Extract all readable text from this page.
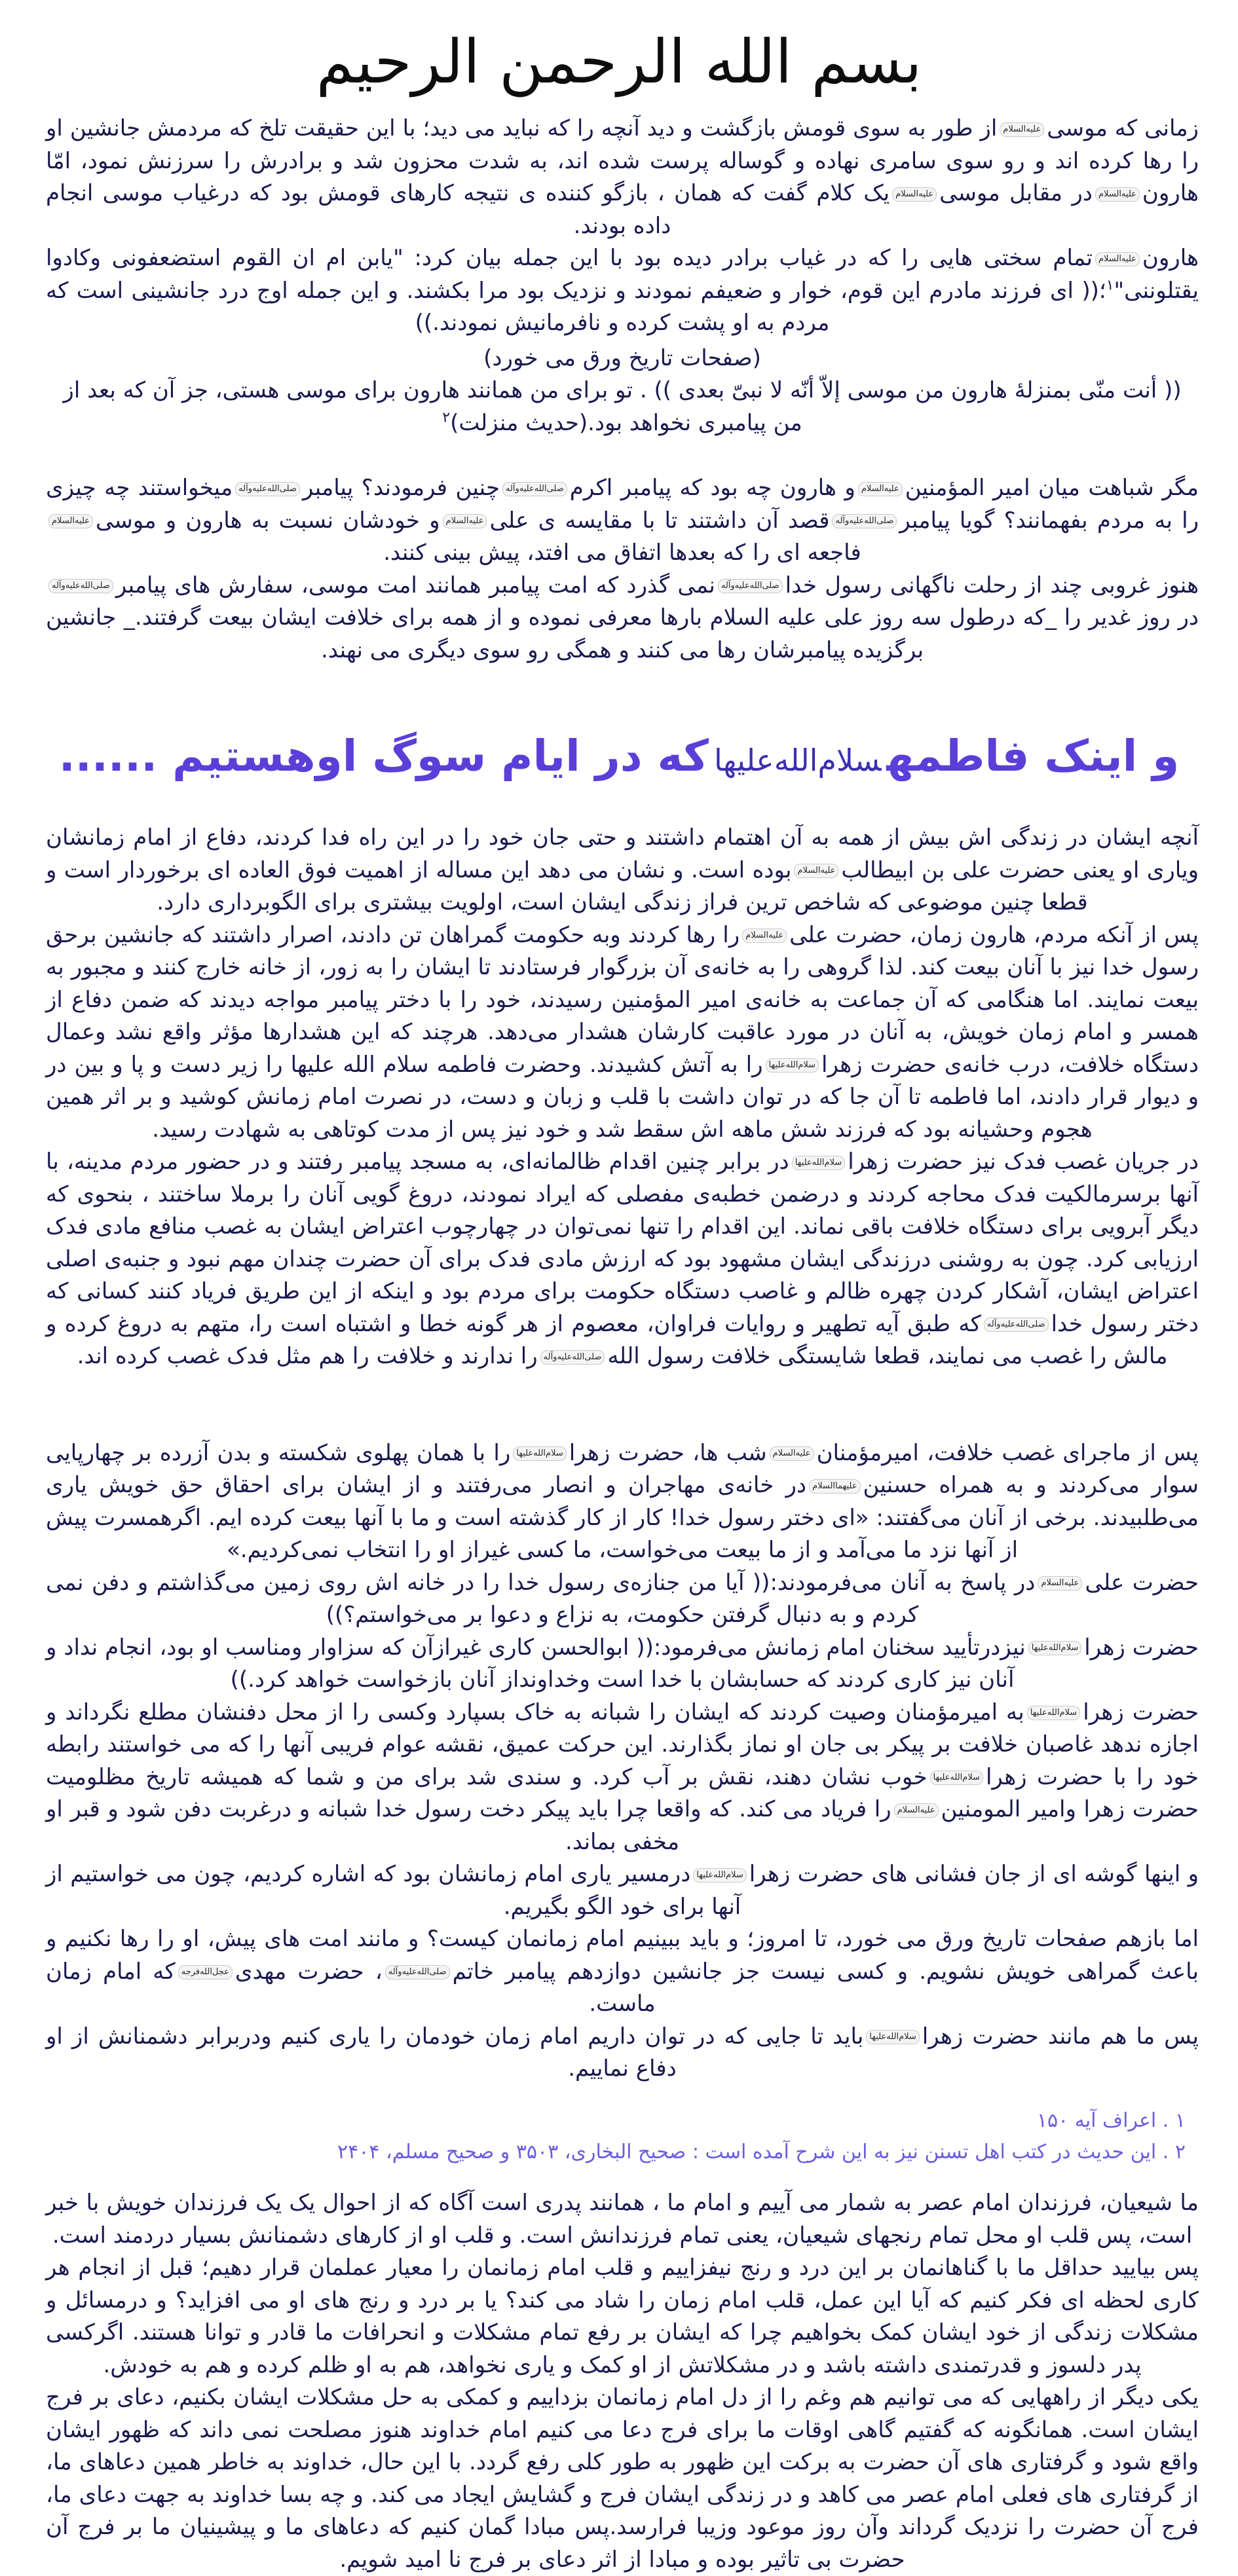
بسم الله الرحمن الرحیم

زمانی که موسیعلیه‌السلاماز طور به سوی قومش بازگشت و دید آنچه را که نباید می دید؛ با این حقیقت تلخ که مردمش جانشین او را رها کرده اند و رو سوی سامری نهاده و گوساله پرست شده اند، به شدت محزون شد و برادرش را سرزنش نمود، امّا هارونعلیه‌السلامدر مقابل موسیعلیه‌السلامیک کلام گفت که همان ، بازگو کننده ی نتیجه کارهای قومش بود که درغیاب موسی انجام داده بودند.

هارونعلیه‌السلامتمام سختی هایی را که در غیاب برادر دیده بود با این جمله بیان کرد: "یابن ام ان القوم استضعفونی وکادوا یقتلوننی"$^۱$؛(( ای فرزند مادرم این قوم، خوار و ضعیفم نمودند و نزدیک بود مرا بکشند. و این جمله اوج درد جانشینی است که مردم به او پشت کرده و نافرمانیش نمودند.))

(صفحات تاریخ ورق می خورد)

(( أنت منّی بمنزلهٔ هارون من موسی إلاّ أنّه لا نبیّ بعدی )) . تو برای من همانند هارون برای موسی هستی، جز آن که بعد از من پیامبری نخواهد بود.(حدیث منزلت)$^۲$

مگر شباهت میان امیر المؤمنینعلیه‌السلامو هارون چه بود که پیامبر اکرمصلی‌الله‌علیه‌وآلهچنین فرمودند؟ پیامبرصلی‌الله‌علیه‌وآلهمیخواستند چه چیزی را به مردم بفهمانند؟ گویا پیامبرصلی‌الله‌علیه‌وآلهقصد آن داشتند تا با مقایسه ی علیعلیه‌السلامو خودشان نسبت به هارون و موسیعلیه‌السلامفاجعه ای را که بعدها اتفاق می افتد، پیش بینی کنند.

هنوز غروبی چند از رحلت ناگهانی رسول خداصلی‌الله‌علیه‌وآلهنمی گذرد که امت پیامبر همانند امت موسی، سفارش های پیامبرصلی‌الله‌علیه‌وآلهدر روز غدیر را _که درطول سه روز علی علیه السلام بارها معرفی نموده و از همه برای خلافت ایشان بیعت گرفتند._ جانشین برگزیده پیامبرشان رها می کنند و همگی رو سوی دیگری می نهند.

و اینک فاطمهسلام‌الله‌علیهاکه در ایام سوگ اوهستیم ......

آنچه ایشان در زندگی اش بیش از همه به آن اهتمام داشتند و حتی جان خود را در این راه فدا کردند، دفاع از امام زمانشان ویاری او یعنی حضرت علی بن ابیطالبعلیه‌السلامبوده است. و نشان می دهد این مساله از اهمیت فوق العاده ای برخوردار است و قطعا چنین موضوعی که شاخص ترین فراز زندگی ایشان است، اولویت بیشتری برای الگوبرداری دارد.

پس از آنکه مردم، هارون زمان، حضرت علیعلیه‌السلامرا رها کردند وبه حکومت گمراهان تن دادند، اصرار داشتند که جانشین برحق رسول خدا نیز با آنان بیعت کند. لذا گروهی را به خانه‌ی آن بزرگوار فرستادند تا ایشان را به زور، از خانه خارج کنند و مجبور به بیعت نمایند. اما هنگامی که آن جماعت به خانه‌ی امیر المؤمنین رسیدند، خود را با دختر پیامبر مواجه دیدند که ضمن دفاع از همسر و امام زمان خویش، به آنان در مورد عاقبت کارشان هشدار می‌دهد. هرچند که این هشدارها مؤثر واقع نشد وعمال دستگاه خلافت، درب خانه‌ی حضرت زهراسلام‌الله‌علیهارا به آتش کشیدند. وحضرت فاطمه سلام الله علیها را زیر دست و پا و بین در و دیوار قرار دادند، اما فاطمه تا آن جا که در توان داشت با قلب و زبان و دست، در نصرت امام زمانش کوشید و بر اثر همین هجوم وحشیانه بود که فرزند شش ماهه اش سقط شد و خود نیز پس از مدت کوتاهی به شهادت رسید.

در جریان غصب فدک نیز حضرت زهراسلام‌الله‌علیهادر برابر چنین اقدام ظالمانه‌ای، به مسجد پیامبر رفتند و در حضور مردم مدینه، با آنها برسرمالکیت فدک محاجه کردند و درضمن خطبه‌ی مفصلی که ایراد نمودند، دروغ گویی آنان را برملا ساختند ، بنحوی که دیگر آبرویی برای دستگاه خلافت باقی نماند. این اقدام را تنها نمی‌توان در چهارچوب اعتراض ایشان به غصب منافع مادی فدک ارزیابی کرد. چون به روشنی درزندگی ایشان مشهود بود که ارزش مادی فدک برای آن حضرت چندان مهم نبود و جنبه‌ی اصلی اعتراض ایشان، آشکار کردن چهره ظالم و غاصب دستگاه حکومت برای مردم بود و اینکه از این طریق فریاد کنند کسانی که دختر رسول خداصلی‌الله‌علیه‌وآلهکه طبق آیه تطهیر و روایات فراوان، معصوم از هر گونه خطا و اشتباه است را، متهم به دروغ کرده و مالش را غصب می نمایند، قطعا شایستگی خلافت رسول اللهصلی‌الله‌علیه‌وآلهرا ندارند و خلافت را هم مثل فدک غصب کرده اند.

پس از ماجرای غصب خلافت، امیرمؤمنانعلیه‌السلامشب ها، حضرت زهراسلام‌الله‌علیهارا با همان پهلوی شکسته و بدن آزرده بر چهارپایی سوار می‌کردند و به همراه حسنینعلیهماالسلامدر خانه‌ی مهاجران و انصار می‌رفتند و از ایشان برای احقاق حق خویش یاری می‌طلبیدند. برخی از آنان می‌گفتند: «ای دختر رسول خدا! کار از کار گذشته است و ما با آنها بیعت کرده ایم. اگرهمسرت پیش از آنها نزد ما می‌آمد و از ما بیعت می‌خواست، ما کسی غیراز او را انتخاب نمی‌کردیم.»

حضرت علیعلیه‌السلامدر پاسخ به آنان می‌فرمودند:(( آیا من جنازه‌ی رسول خدا را در خانه اش روی زمین می‌گذاشتم و دفن نمی کردم و به دنبال گرفتن حکومت، به نزاع و دعوا بر می‌خواستم؟))

حضرت زهراسلام‌الله‌علیهانیزدرتأیید سخنان امام زمانش می‌فرمود:(( ابوالحسن کاری غیرازآن که سزاوار ومناسب او بود، انجام نداد و آنان نیز کاری کردند که حسابشان با خدا است وخداونداز آنان بازخواست خواهد کرد.))

حضرت زهراسلام‌الله‌علیهابه امیرمؤمنان وصیت کردند که ایشان را شبانه به خاک بسپارد وکسی را از محل دفنشان مطلع نگرداند و اجازه ندهد غاصبان خلافت بر پیکر بی جان او نماز بگذارند. این حرکت عمیق، نقشه عوام فریبی آنها را که می خواستند رابطه خود را با حضرت زهراسلام‌الله‌علیهاخوب نشان دهند، نقش بر آب کرد. و سندی شد برای من و شما که همیشه تاریخ مظلومیت حضرت زهرا وامیر المومنینعلیه‌السلامرا فریاد می کند. که واقعا چرا باید پیکر دخت رسول خدا شبانه و درغربت دفن شود و قبر او مخفی بماند.

و اینها گوشه ای از جان فشانی های حضرت زهراسلام‌الله‌علیهادرمسیر یاری امام زمانشان بود که اشاره کردیم، چون می خواستیم از آنها برای خود الگو بگیریم.

اما بازهم صفحات تاریخ ورق می خورد، تا امروز؛ و باید ببینیم امام زمانمان کیست؟ و مانند امت های پیش، او را رها نکنیم و باعث گمراهی خویش نشویم. و کسی نیست جز جانشین دوازدهم پیامبر خاتمصلی‌الله‌علیه‌وآله، حضرت مهدیعجل‌الله‌فرجهکه امام زمان ماست.

پس ما هم مانند حضرت زهراسلام‌الله‌علیهاباید تا جایی که در توان داریم امام زمان خودمان را یاری کنیم ودربرابر دشمنانش از او دفاع نماییم.

۱ . اعراف آیه ۱۵۰

۲ . این حدیث در کتب اهل تسنن نیز به این شرح آمده است : صحیح البخاری، ۳۵۰۳ و صحیح مسلم، ۲۴۰۴

ما شیعیان، فرزندان امام عصر به شمار می آییم و امام ما ، همانند پدری است آگاه که از احوال یک یک فرزندان خویش با خبر است، پس قلب او محل تمام رنجهای شیعیان، یعنی تمام فرزندانش است. و قلب او از کارهای دشمنانش بسیار دردمند است.

پس بیایید حداقل ما با گناهانمان بر این درد و رنج نیفزاییم و قلب امام زمانمان را معیار عملمان قرار دهیم؛ قبل از انجام هر کاری لحظه ای فکر کنیم که آیا این عمل، قلب امام زمان را شاد می کند؟ یا بر درد و رنج های او می افزاید؟ و درمسائل و مشکلات زندگی از خود ایشان کمک بخواهیم چرا که ایشان بر رفع تمام مشکلات و انحرافات ما قادر و توانا هستند. اگرکسی پدر دلسوز و قدرتمندی داشته باشد و در مشکلاتش از او کمک و یاری نخواهد، هم به او ظلم کرده و هم به خودش.

یکی دیگر از راههایی که می توانیم هم وغم را از دل امام زمانمان بزداییم و کمکی به حل مشکلات ایشان بکنیم، دعای بر فرج ایشان است. همانگونه که گفتیم گاهی اوقات ما برای فرج دعا می کنیم امام خداوند هنوز مصلحت نمی داند که ظهور ایشان واقع شود و گرفتاری های آن حضرت به برکت این ظهور به طور کلی رفع گردد. با این حال، خداوند به خاطر همین دعاهای ما، از گرفتاری های فعلی امام عصر می کاهد و در زندگی ایشان فرج و گشایش ایجاد می کند. و چه بسا خداوند به جهت دعای ما، فرج آن حضرت را نزدیک گرداند وآن روز موعود وزیبا فرارسد.پس مبادا گمان کنیم که دعاهای ما و پیشینیان ما بر فرج آن حضرت بی تاثیر بوده و مبادا از اثر دعای بر فرج نا امید شویم.
